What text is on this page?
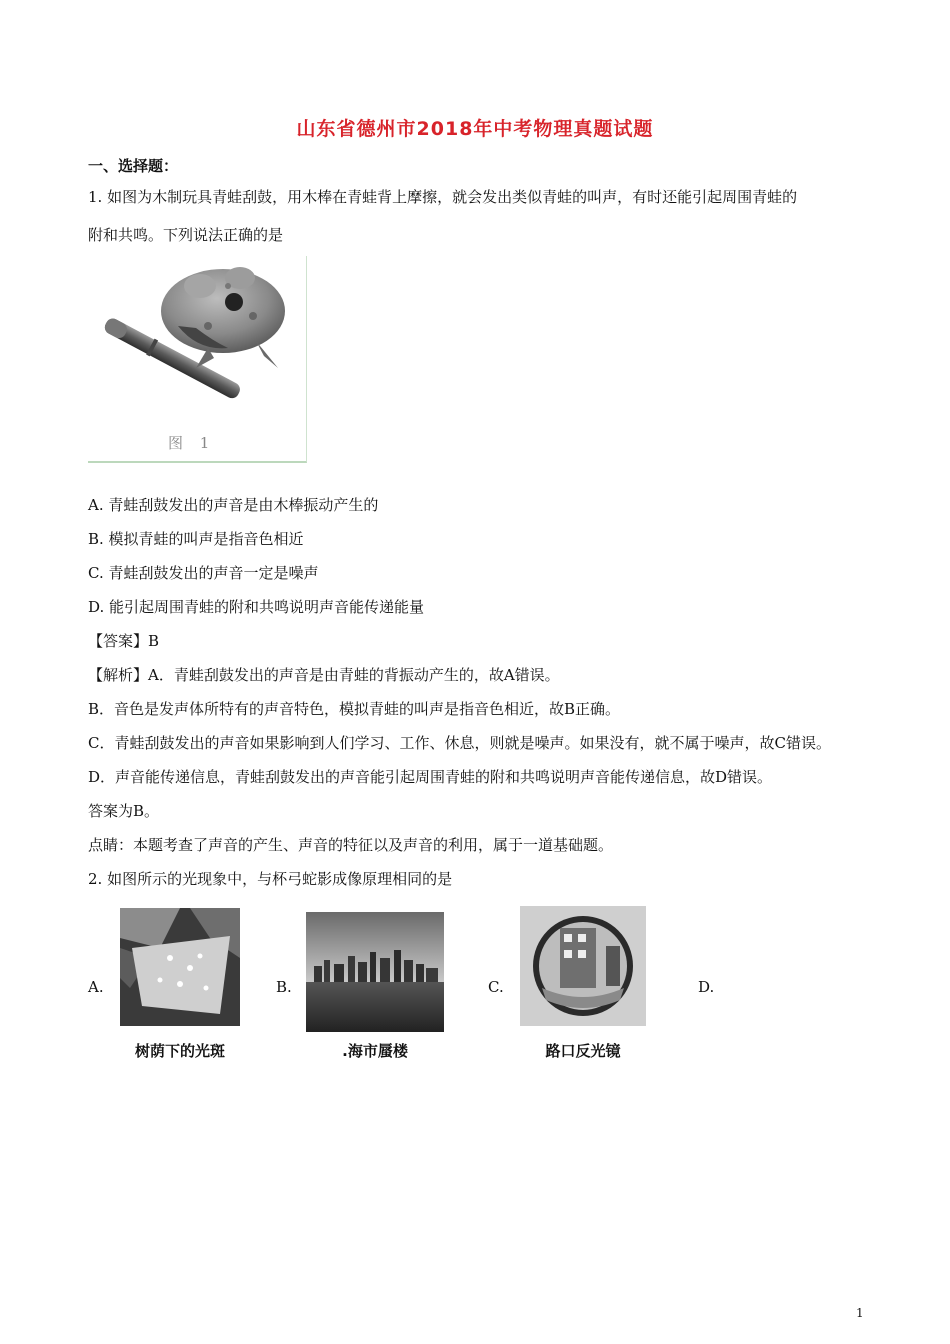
山东省德州市2018年中考物理真题试题
一、选择题：
1. 如图为木制玩具青蛙刮鼓，用木棒在青蛙背上摩擦，就会发出类似青蛙的叫声，有时还能引起周围青蛙的
附和共鸣。下列说法正确的是
图 1
A. 青蛙刮鼓发出的声音是由木棒振动产生的
B. 模拟青蛙的叫声是指音色相近
C. 青蛙刮鼓发出的声音一定是噪声
D. 能引起周围青蛙的附和共鸣说明声音能传递能量
【答案】B
【解析】A．青蛙刮鼓发出的声音是由青蛙的背振动产生的，故A错误。
B．音色是发声体所特有的声音特色，模拟青蛙的叫声是指音色相近，故B正确。
C．青蛙刮鼓发出的声音如果影响到人们学习、工作、休息，则就是噪声。如果没有，就不属于噪声，故C错误。
D．声音能传递信息，青蛙刮鼓发出的声音能引起周围青蛙的附和共鸣说明声音能传递信息，故D错误。
答案为B。
点睛：本题考查了声音的产生、声音的特征以及声音的利用，属于一道基础题。
2. 如图所示的光现象中，与杯弓蛇影成像原理相同的是
A.	B.	C.	D.
树荫下的光斑	.海市蜃楼	路口反光镜
1
